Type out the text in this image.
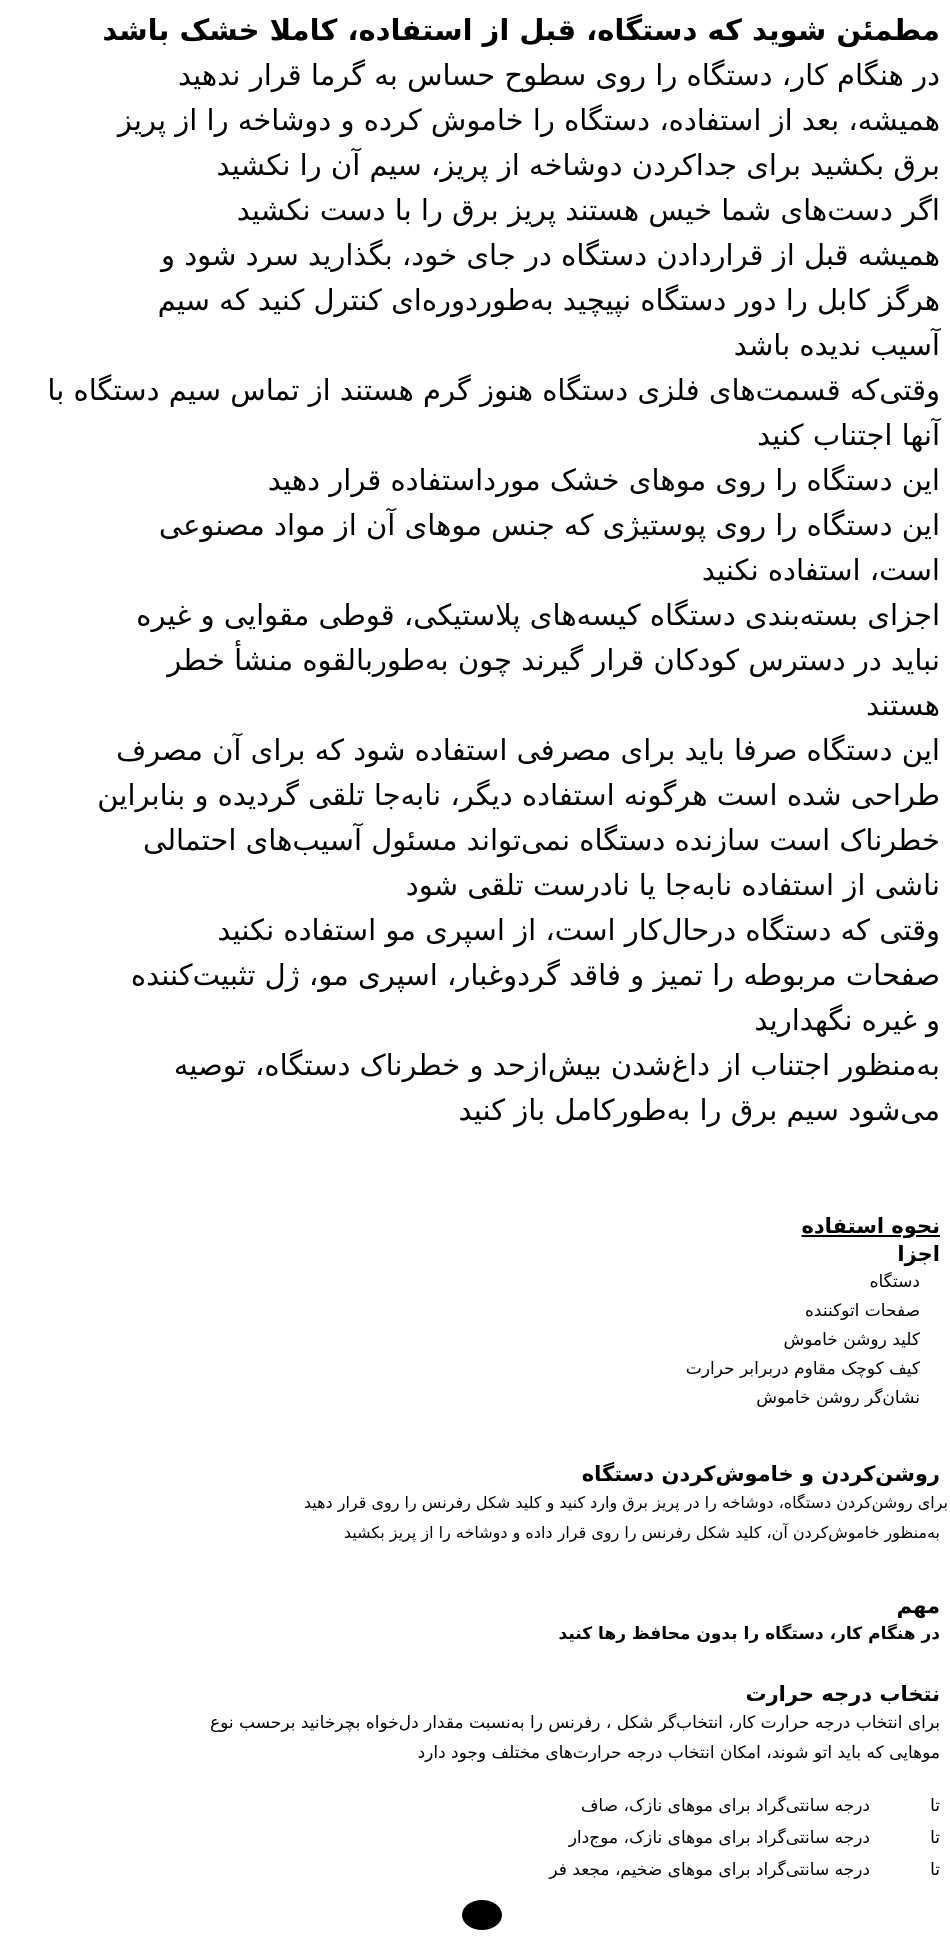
مطمئن شوید که دستگاه، قبل از استفاده، کاملا خشک باشد
در هنگام کار، دستگاه را روی سطوح حساس به گرما قرار ندهید
همیشه، بعد از استفاده، دستگاه را خاموش کرده و دوشاخه را از پریز
برق بکشید برای جداکردن دوشاخه از پریز، سیم آن را نکشید
اگر دست‌های شما خیس هستند پریز برق را با دست نکشید
همیشه قبل از قراردادن دستگاه در جای خود، بگذارید سرد شود و
هرگز کابل را دور دستگاه نپیچید به‌طوردوره‌ای کنترل کنید که سیم
آسیب ندیده باشد
وقتی‌که قسمت‌های فلزی دستگاه هنوز گرم هستند از تماس سیم دستگاه با
آنها اجتناب کنید
این دستگاه را روی موهای خشک مورداستفاده قرار دهید
این دستگاه را روی پوستیژی که جنس موهای آن از مواد مصنوعی
است، استفاده نکنید
اجزای بسته‌بندی دستگاه کیسه‌های پلاستیکی، قوطی مقوایی و غیره
نباید در دسترس کودکان قرار گیرند چون به‌طوربالقوه منشأ خطر
هستند
این دستگاه صرفا باید برای مصرفی استفاده شود که برای آن مصرف
طراحی شده است هرگونه استفاده دیگر، نابه‌جا تلقی گردیده و بنابراین
خطرناک است سازنده دستگاه نمی‌تواند مسئول آسیب‌های احتمالی
ناشی از استفاده نابه‌جا یا نادرست تلقی شود
وقتی که دستگاه درحال‌کار است، از اسپری مو استفاده نکنید
صفحات مربوطه را تمیز و فاقد گردوغبار، اسپری مو، ژل تثبیت‌کننده
و غیره نگهدارید
به‌منظور اجتناب از داغ‌شدن بیش‌ازحد و خطرناک دستگاه، توصیه
می‌شود سیم برق را به‌طورکامل باز کنید
نحوه استفاده
اجزا
دستگاه
صفحات اتوکننده
کلید روشن خاموش
کیف کوچک مقاوم دربرابر حرارت
نشان‌گر روشن خاموش
روشن‌کردن و خاموش‌کردن دستگاه
برای روشن‌کردن دستگاه، دوشاخه را در پریز برق وارد کنید و کلید شکل رفرنس را روی قرار دهید
به‌منظور خاموش‌کردن آن، کلید شکل رفرنس را روی قرار داده و دوشاخه را از پریز بکشید
مهم
در هنگام کار، دستگاه را بدون محافظ رها کنید
نتخاب درجه حرارت
برای انتخاب درجه حرارت کار، انتخاب‌گر شکل ، رفرنس را به‌نسبت مقدار دل‌خواه بچرخانید برحسب نوع
موهایی که باید اتو شوند، امکان انتخاب درجه حرارت‌های مختلف وجود دارد
تادرجه سانتی‌گراد برای موهای نازک، صاف
تادرجه سانتی‌گراد برای موهای نازک، موج‌دار
تادرجه سانتی‌گراد برای موهای ضخیم، مجعد فر
